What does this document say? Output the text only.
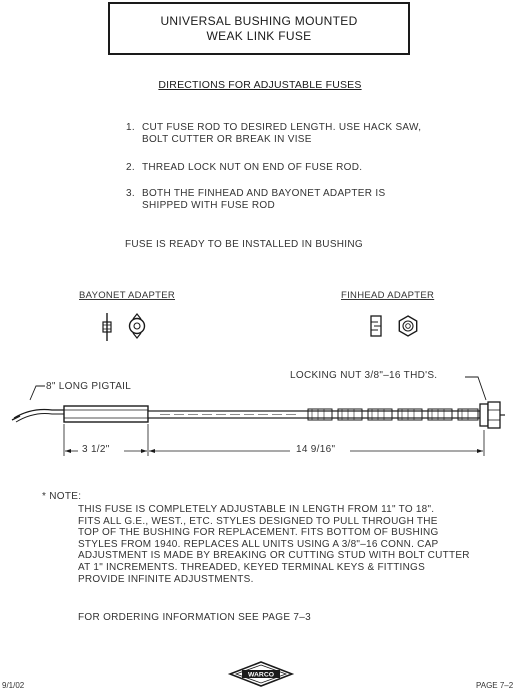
UNIVERSAL BUSHING MOUNTED
WEAK LINK FUSE
DIRECTIONS FOR ADJUSTABLE FUSES
1. CUT FUSE ROD TO DESIRED LENGTH. USE HACK SAW, BOLT CUTTER OR BREAK IN VISE
2. THREAD LOCK NUT ON END OF FUSE ROD.
3. BOTH THE FINHEAD AND BAYONET ADAPTER IS SHIPPED WITH FUSE ROD
FUSE IS READY TO BE INSTALLED IN BUSHING
BAYONET ADAPTER	FINHEAD ADAPTER
8" LONG PIGTAIL
LOCKING NUT 3/8"–16 THD'S.
3 1/2"	14 9/16"
* NOTE:
THIS FUSE IS COMPLETELY ADJUSTABLE IN LENGTH FROM 11" TO 18".
FITS ALL G.E., WEST., ETC. STYLES DESIGNED TO PULL THROUGH THE
TOP OF THE BUSHING FOR REPLACEMENT. FITS BOTTOM OF BUSHING
STYLES FROM 1940. REPLACES ALL UNITS USING A 3/8"–16 CONN. CAP
ADJUSTMENT IS MADE BY BREAKING OR CUTTING STUD WITH BOLT CUTTER
AT 1" INCREMENTS. THREADED, KEYED TERMINAL KEYS & FITTINGS
PROVIDE INFINITE ADJUSTMENTS.
FOR ORDERING INFORMATION SEE PAGE 7–3
9/1/02
WARCO
PAGE 7–2
